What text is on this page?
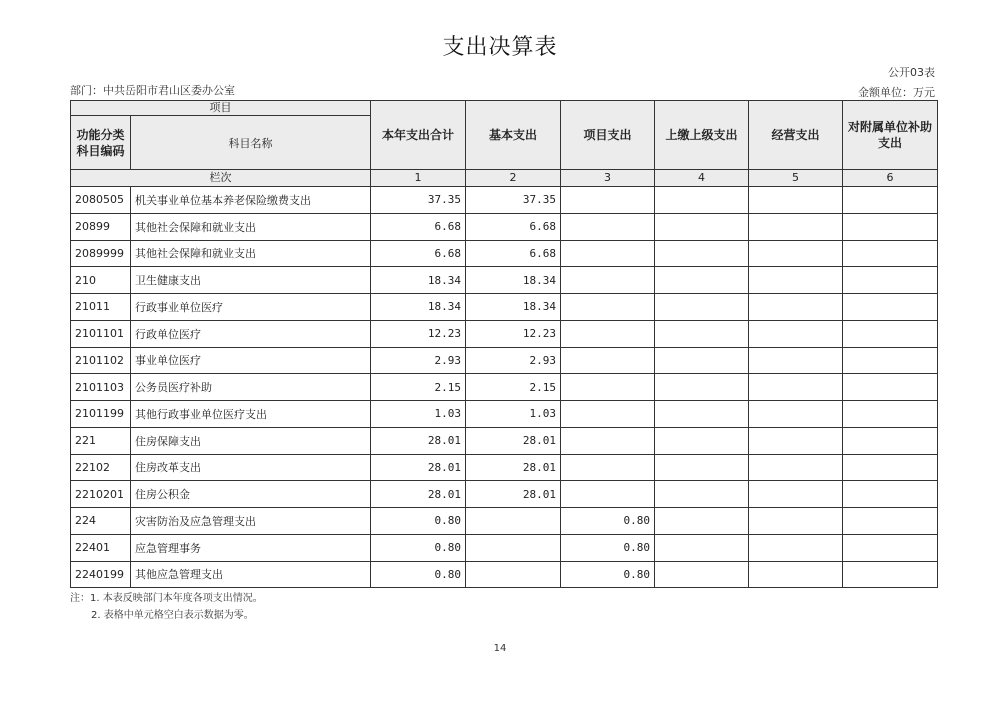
支出决算表
公开03表
部门：中共岳阳市君山区委办公室	金额单位：万元
项目		本年支出合计	基本支出	项目支出	上缴上级支出	经营支出	对附属单位补助 支出
功能分类 科目编码	科目名称						
栏次		1	2	3	4	5	6
2080505	机关事业单位基本养老保险缴费支出	37.35	37.35				
20899	其他社会保障和就业支出	6.68	6.68				
2089999	其他社会保障和就业支出	6.68	6.68				
210	卫生健康支出	18.34	18.34				
21011	行政事业单位医疗	18.34	18.34				
2101101	行政单位医疗	12.23	12.23				
2101102	事业单位医疗	2.93	2.93				
2101103	公务员医疗补助	2.15	2.15				
2101199	其他行政事业单位医疗支出	1.03	1.03				
221	住房保障支出	28.01	28.01				
22102	住房改革支出	28.01	28.01				
2210201	住房公积金	28.01	28.01				
224	灾害防治及应急管理支出	0.80		0.80			
22401	应急管理事务	0.80		0.80			
2240199	其他应急管理支出	0.80		0.80			
注：1. 本表反映部门本年度各项支出情况。
2. 表格中单元格空白表示数据为零。
14
